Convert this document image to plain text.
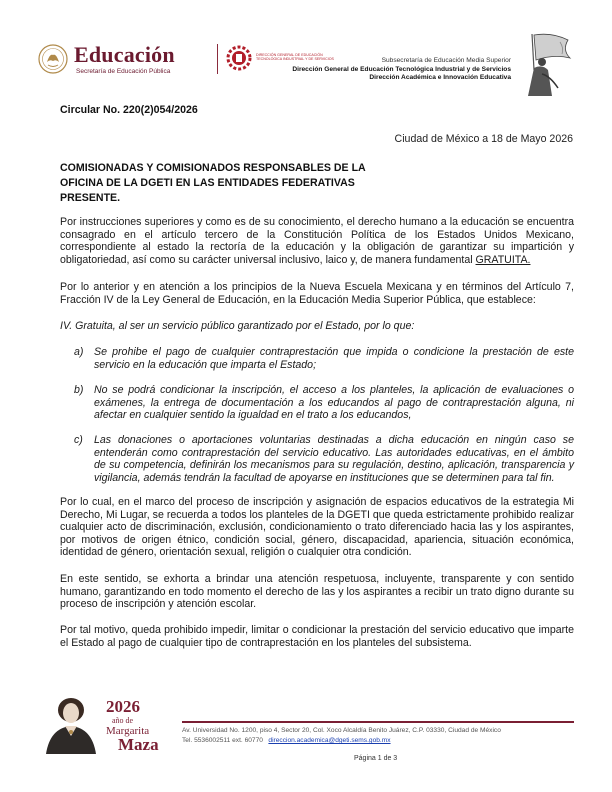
Educación
Secretaría de Educación Pública
DIRECCIÓN GENERAL DE EDUCACIÓN TECNOLÓGICA INDUSTRIAL Y DE SERVICIOS	Subsecretaría de Educación Media Superior
Dirección General de Educación Tecnológica Industrial y de Servicios
Dirección Académica e Innovación Educativa
Circular No. 220(2)054/2026
Ciudad de México a 18 de Mayo 2026
COMISIONADAS Y COMISIONADOS RESPONSABLES DE LA
OFICINA DE LA DGETI EN LAS ENTIDADES FEDERATIVAS
PRESENTE.
Por instrucciones superiores y como es de su conocimiento, el derecho humano a la educación se encuentra consagrado en el artículo tercero de la Constitución Política de los Estados Unidos Mexicano, correspondiente al estado la rectoría de la educación y la obligación de garantizar su impartición y obligatoriedad, así como su carácter universal inclusivo, laico y, de manera fundamental GRATUITA.
Por lo anterior y en atención a los principios de la Nueva Escuela Mexicana y en términos del Artículo 7, Fracción IV de la Ley General de Educación, en la Educación Media Superior Pública, que establece:
IV. Gratuita, al ser un servicio público garantizado por el Estado, por lo que:
a) Se prohibe el pago de cualquier contraprestación que impida o condicione la prestación de este servicio en la educación que imparta el Estado;
b) No se podrá condicionar la inscripción, el acceso a los planteles, la aplicación de evaluaciones o exámenes, la entrega de documentación a los educandos al pago de contraprestación alguna, ni afectar en cualquier sentido la igualdad en el trato a los educandos,
c) Las donaciones o aportaciones voluntarias destinadas a dicha educación en ningún caso se entenderán como contraprestación del servicio educativo. Las autoridades educativas, en el ámbito de su competencia, definirán los mecanismos para su regulación, destino, aplicación, transparencia y vigilancia, además tendrán la facultad de apoyarse en instituciones que se determinen para tal fin.
Por lo cual, en el marco del proceso de inscripción y asignación de espacios educativos de la estrategia Mi Derecho, Mi Lugar, se recuerda a todos los planteles de la DGETI que queda estrictamente prohibido realizar cualquier acto de discriminación, exclusión, condicionamiento o trato diferenciado hacia las y los aspirantes, por motivos de origen étnico, condición social, género, discapacidad, apariencia, situación económica, identidad de género, orientación sexual, religión o cualquier otra condición.
En este sentido, se exhorta a brindar una atención respetuosa, incluyente, transparente y con sentido humano, garantizando en todo momento el derecho de las y los aspirantes a recibir un trato digno durante su proceso de inscripción y atención escolar.
Por tal motivo, queda prohibido impedir, limitar o condicionar la prestación del servicio educativo que imparte el Estado al pago de cualquier tipo de contraprestación en los planteles del subsistema.
2026
año de
Margarita
Maza
Av. Universidad No. 1200, piso 4, Sector 20, Col. Xoco Alcaldía Benito Juárez, C.P. 03330, Ciudad de México
Tel. 5536002511 ext. 60770 direccion.academica@dgeti.sems.gob.mx
Página 1 de 3
